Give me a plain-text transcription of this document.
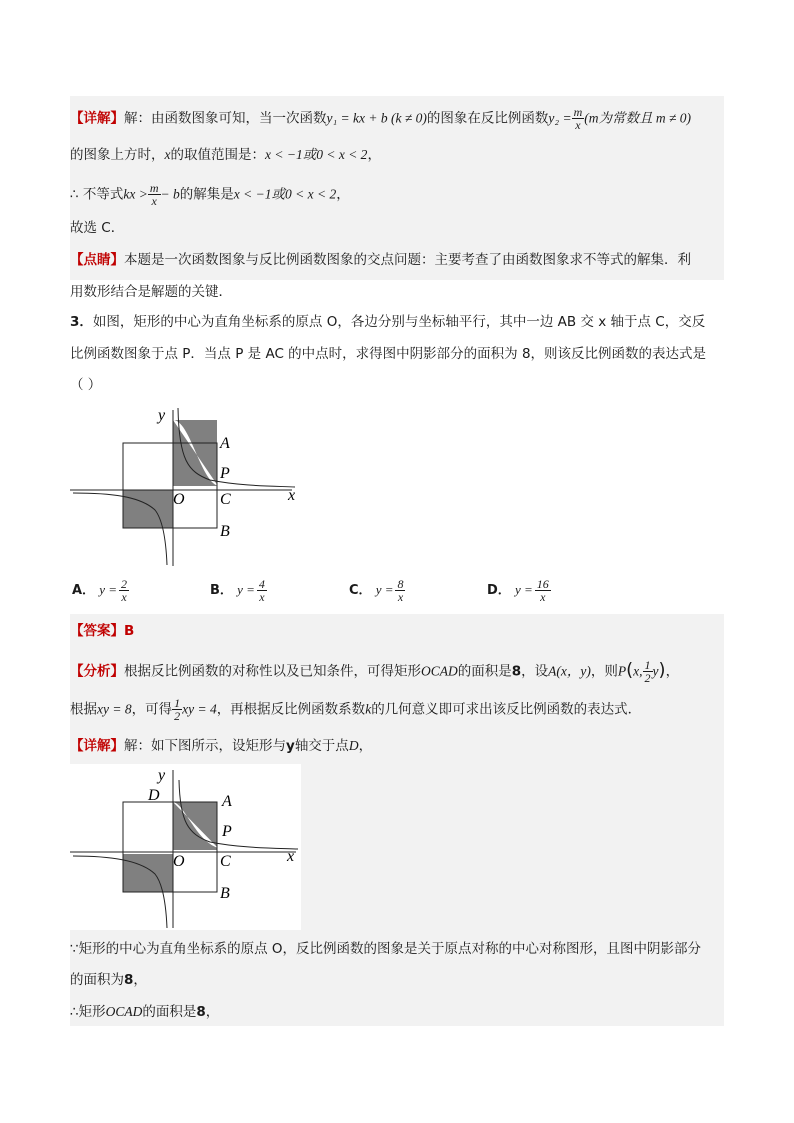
【详解】解：由函数图象可知，当一次函数y₁ = kx + b (k ≠ 0)的图象在反比例函数$y_2 = \frac{m}{x} (m$为常数且 m ≠ 0)
的图象上方时，x的取值范围是：x < −1或0 < x < 2，
∴ 不等式kx > $\frac{m}{x} - b$的解集是x < −1或0 < x < 2，
故选 C．
【点睛】本题是一次函数图象与反比例函数图象的交点问题：主要考查了由函数图象求不等式的解集．利
用数形结合是解题的关键．
3．如图，矩形的中心为直角坐标系的原点 O，各边分别与坐标轴平行，其中一边 AB 交 x 轴于点 C，交反
比例函数图象于点 P．当点 P 是 AC 的中点时，求得图中阴影部分的面积为 8，则该反比例函数的表达式是
（ ）
y
x
O
A
P
C
B
A． $y = \frac{2}{x}$	B． $y = \frac{4}{x}$	C． $y = \frac{8}{x}$	D． $y = \frac{16}{x}$
【答案】B
【分析】根据反比例函数的对称性以及已知条件，可得矩形OCAD的面积是8，设A(x，y)，则P(x, $\frac{1}{2} y$)，
根据xy = 8，可得 $\frac{1}{2}$ xy = 4，再根据反比例函数系数k的几何意义即可求出该反比例函数的表达式．
【详解】解：如下图所示，设矩形与y轴交于点D，
y
x
O
D	A
P
C
B
∵矩形的中心为直角坐标系的原点 O，反比例函数的图象是关于原点对称的中心对称图形，且图中阴影部分
的面积为8，
∴矩形OCAD的面积是8，
